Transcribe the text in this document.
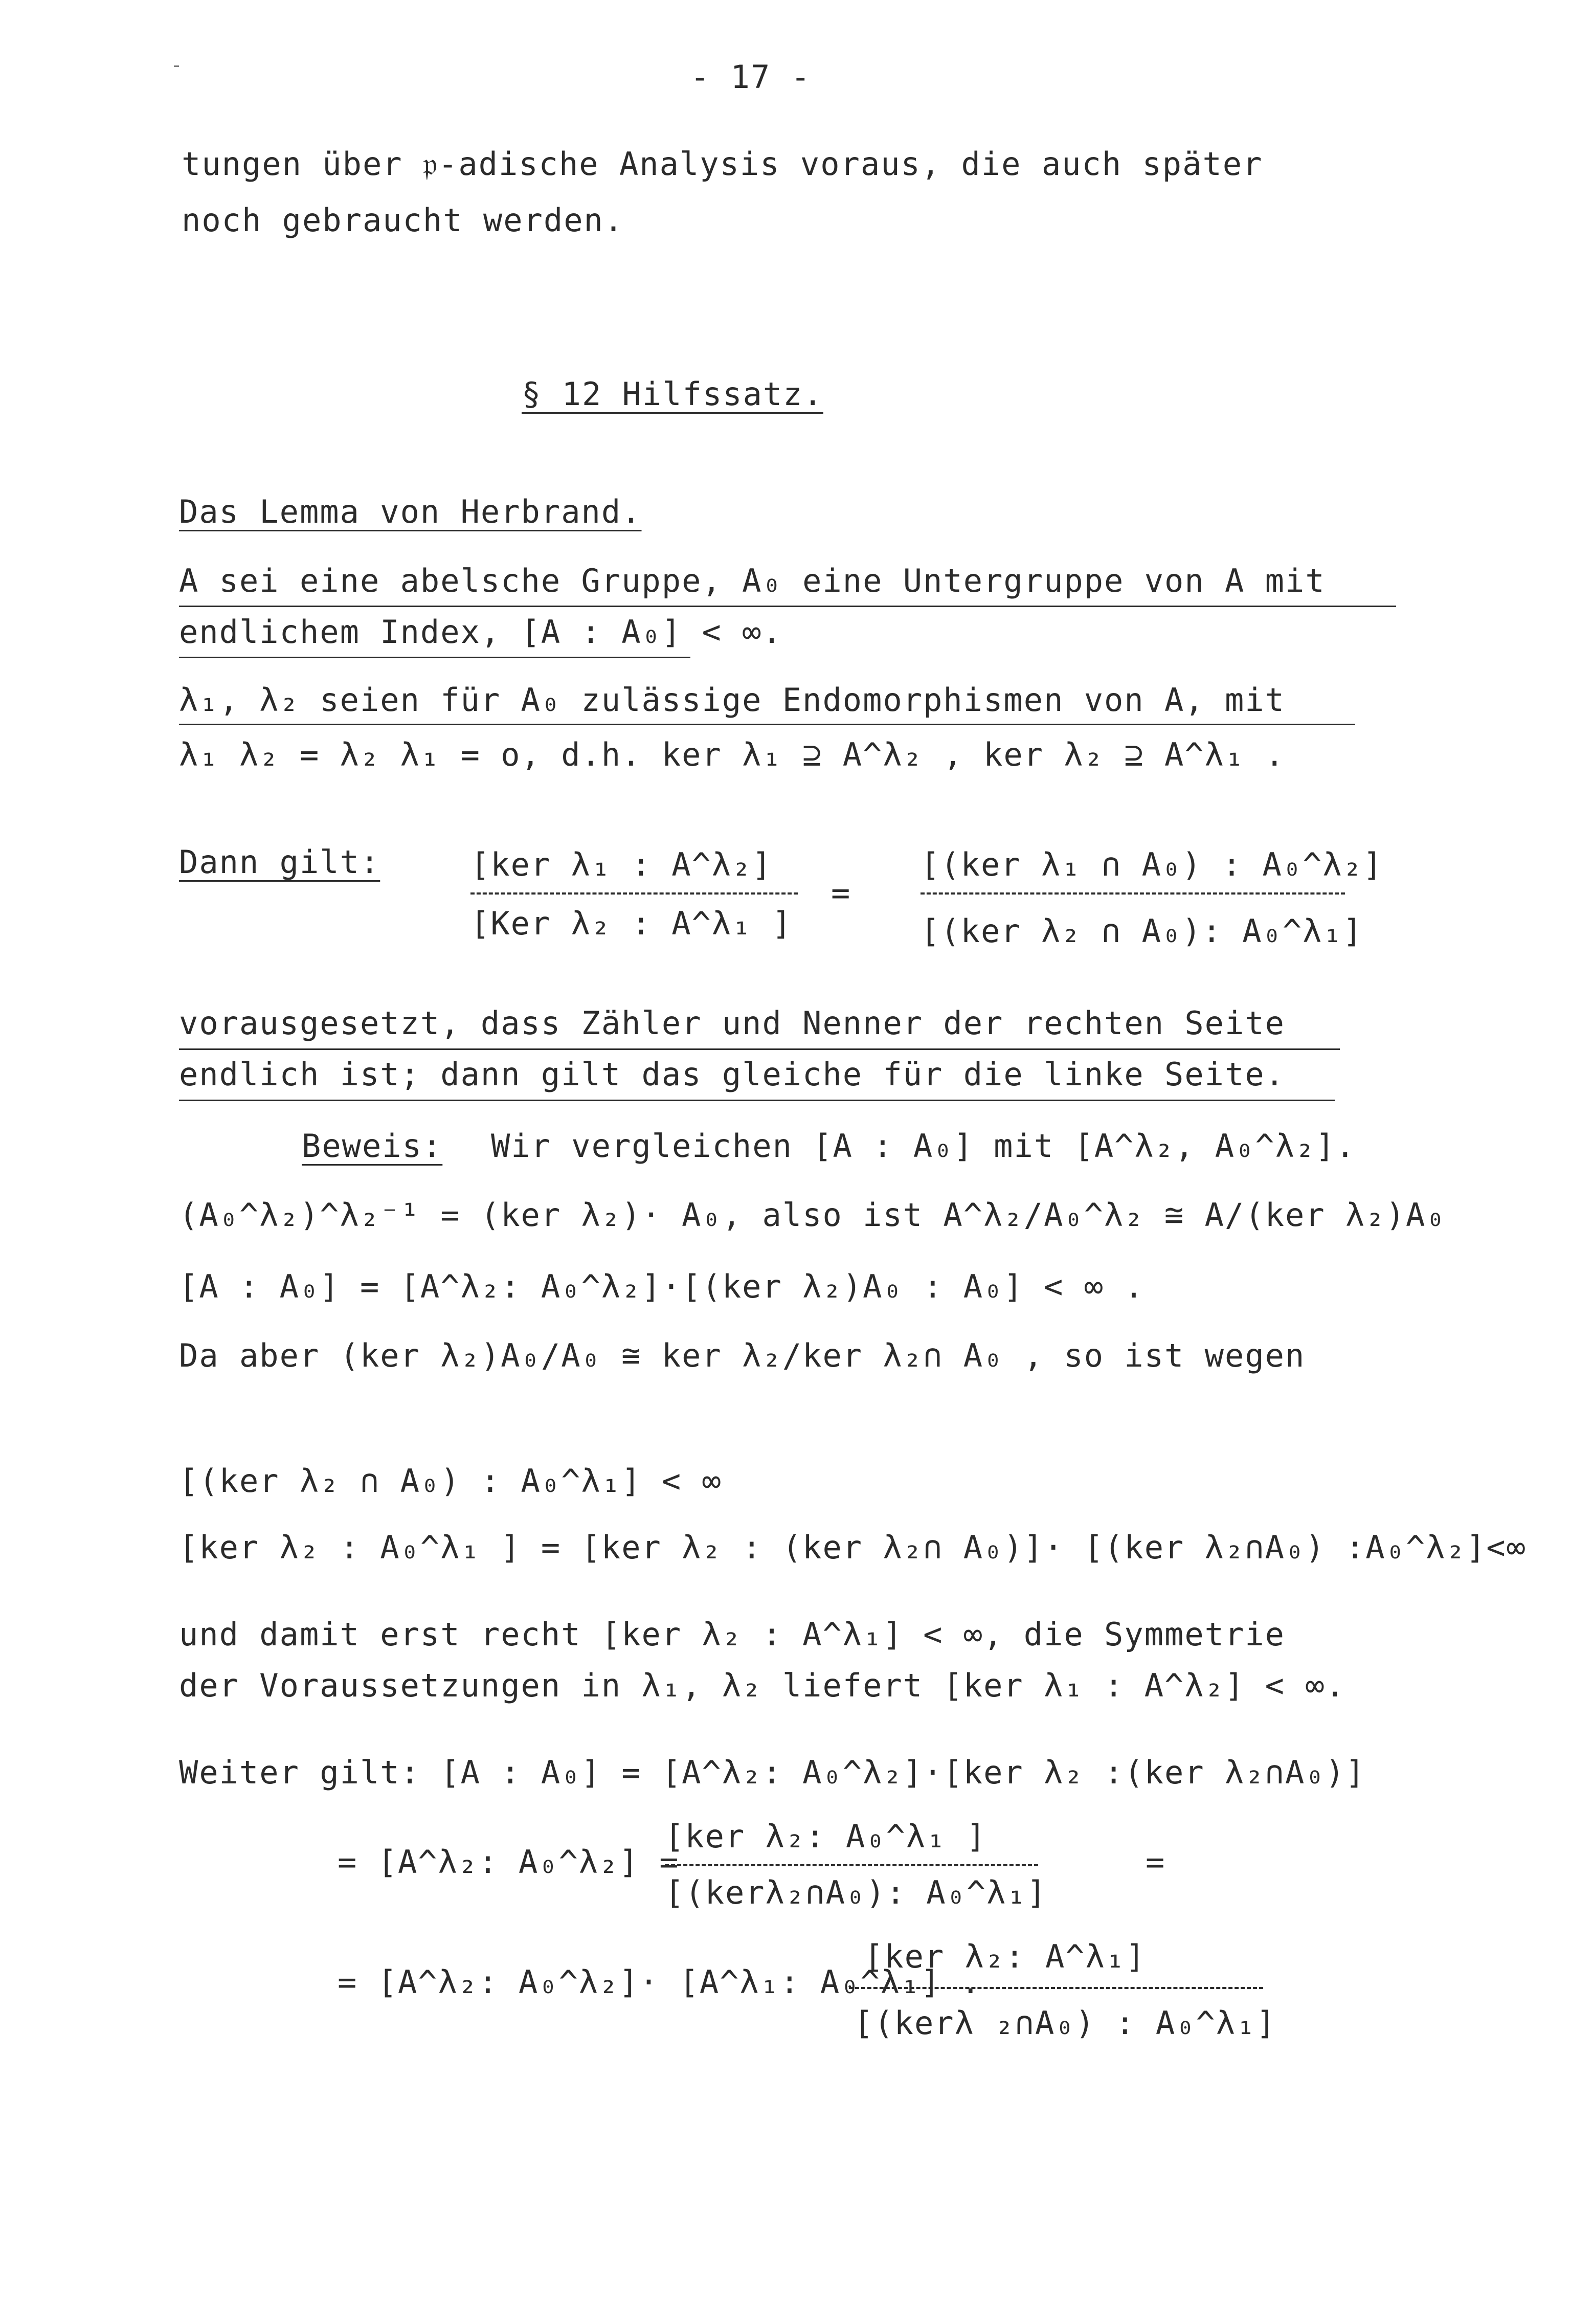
- 17 -
tungen über 𝔭-adische Analysis voraus, die auch später
noch gebraucht werden.
§ 12 Hilfssatz.
Das Lemma von Herbrand.
A sei eine abelsche Gruppe, A₀ eine Untergruppe von A mit
endlichem Index, [A : A₀] < ∞.
λ₁, λ₂ seien für A₀ zulässige Endomorphismen von A, mit
λ₁ λ₂ = λ₂ λ₁ = o, d.h. ker λ₁ ⊇ A^λ₂ , ker λ₂ ⊇ A^λ₁ .
Dann gilt:	[ker λ₁ : A^λ₂]
[Ker λ₂ : A^λ₁ ]
=
[(ker λ₁ ∩ A₀) : A₀^λ₂]
[(ker λ₂ ∩ A₀): A₀^λ₁]
vorausgesetzt, dass Zähler und Nenner der rechten Seite
endlich ist; dann gilt das gleiche für die linke Seite.
Beweis: Wir vergleichen [A : A₀] mit [A^λ₂, A₀^λ₂].
(A₀^λ₂)^λ₂⁻¹ = (ker λ₂)· A₀, also ist A^λ₂/A₀^λ₂ ≅ A/(ker λ₂)A₀
[A : A₀] = [A^λ₂: A₀^λ₂]·[(ker λ₂)A₀ : A₀] < ∞ .
Da aber (ker λ₂)A₀/A₀ ≅ ker λ₂/ker λ₂∩ A₀ , so ist wegen
[(ker λ₂ ∩ A₀) : A₀^λ₁] < ∞
[ker λ₂ : A₀^λ₁ ] = [ker λ₂ : (ker λ₂∩ A₀)]· [(ker λ₂∩A₀) :A₀^λ₂]<∞
und damit erst recht [ker λ₂ : A^λ₁] < ∞, die Symmetrie
der Voraussetzungen in λ₁, λ₂ liefert [ker λ₁ : A^λ₂] < ∞.
Weiter gilt: [A : A₀] = [A^λ₂: A₀^λ₂]·[ker λ₂ :(ker λ₂∩A₀)]
= [A^λ₂: A₀^λ₂] =
[ker λ₂: A₀^λ₁ ]
[(kerλ₂∩A₀): A₀^λ₁]
=
= [A^λ₂: A₀^λ₂]· [A^λ₁: A₀^λ₁] .
[ker λ₂: A^λ₁]
[(kerλ ₂∩A₀) : A₀^λ₁]
